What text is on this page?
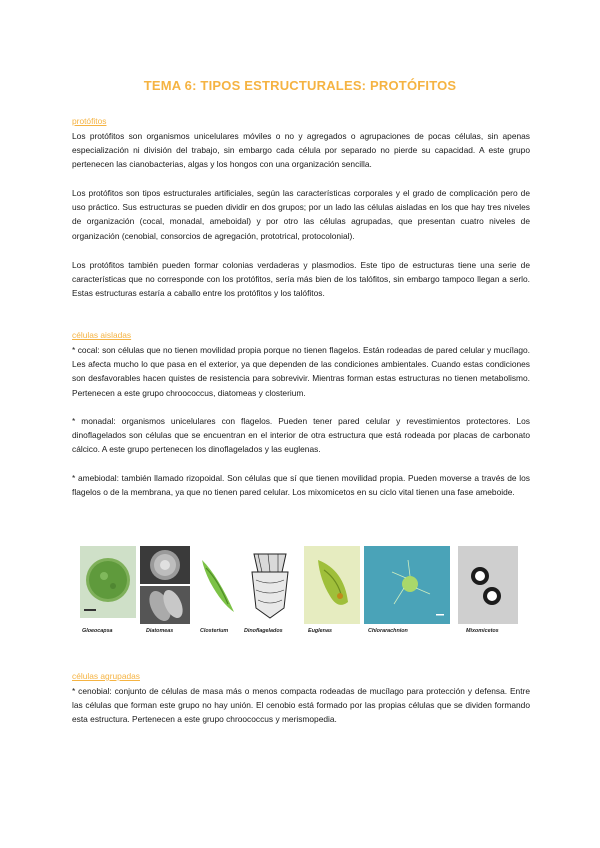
TEMA 6: TIPOS ESTRUCTURALES: PROTÓFITOS
protófitos
Los protófitos son organismos unicelulares móviles o no y agregados o agrupaciones de pocas células, sin apenas especialización ni división del trabajo, sin embargo cada célula por separado no pierde su capacidad. A este grupo pertenecen las cianobacterias, algas y los hongos con una organización sencilla.
Los protófitos son tipos estructurales artificiales, según las características corporales y el grado de complicación pero de uso práctico. Sus estructuras se pueden dividir en dos grupos; por un lado las células aisladas en los que hay tres niveles de organización (cocal, monadal, ameboidal) y por otro las células agrupadas, que presentan cuatro niveles de organización (cenobial, consorcios de agregación, prototrical, protocolonial).
Los protófitos también pueden formar colonias verdaderas y plasmodios. Este tipo de estructuras tiene una serie de características que no corresponde con los protófitos, sería más bien de los talófitos, sin embargo tampoco llegan a serlo. Estas estructuras estaría a caballo entre los protófitos y los talófitos.
células aisladas
* cocal: son células que no tienen movilidad propia porque no tienen flagelos. Están rodeadas de pared celular y mucílago. Les afecta mucho lo que pasa en el exterior, ya que dependen de las condiciones ambientales. Cuando estas condiciones son desfavorables hacen quistes de resistencia para sobrevivir. Mientras forman estas estructuras no tienen metabolismo. Pertenecen a este grupo chroococcus, diatomeas y closterium.
* monadal: organismos unicelulares con flagelos. Pueden tener pared celular y revestimientos protectores. Los dinoflagelados son células que se encuentran en el interior de otra estructura que está rodeada por placas de carbonato cálcico. A este grupo pertenecen los dinoflagelados y las euglenas.
* amebiodal: también llamado rizopoidal. Son células que sí que tienen movilidad propia. Pueden moverse a través de los flagelos o de la membrana, ya que no tienen pared celular. Los mixomicetos en su ciclo vital tienen una fase ameboide.
Gloeocapsa	Diatomeas	Closterium	Dinoflagelados	Euglenas	Chlorarachnion	Mixomicetos
células agrupadas
* cenobial: conjunto de células de masa más o menos compacta rodeadas de mucílago para protección y defensa. Entre las células que forman este grupo no hay unión. El cenobio está formado por las propias células que se dividen formando esta estructura. Pertenecen a este grupo chroococcus y merismopedia.
